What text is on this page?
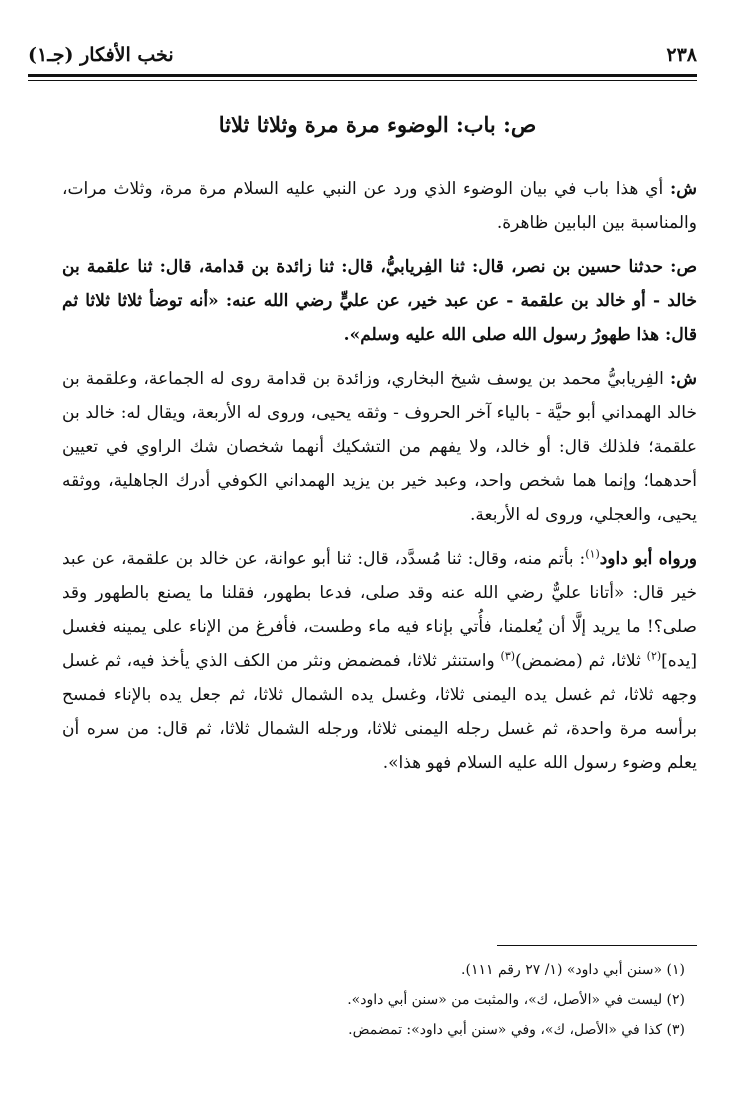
٢٣٨
نخب الأفكار (جـ١)
ص: باب: الوضوء مرة مرة وثلاثا ثلاثا

ش: أي هذا باب في بيان الوضوء الذي ورد عن النبي عليه السلام مرة مرة، وثلاث مرات، والمناسبة بين البابين ظاهرة.

ص: حدثنا حسين بن نصر، قال: ثنا الفِريابيُّ، قال: ثنا زائدة بن قدامة، قال: ثنا علقمة بن خالد - أو خالد بن علقمة - عن عبد خير، عن عليٍّ رضي الله عنه: «أنه توضأ ثلاثا ثلاثا ثم قال: هذا طهورُ رسول الله صلى الله عليه وسلم».

ش: الفِريابيُّ محمد بن يوسف شيخ البخاري، وزائدة بن قدامة روى له الجماعة، وعلقمة بن خالد الهمداني أبو حيَّة - بالياء آخر الحروف - وثقه يحيى، وروى له الأربعة، ويقال له: خالد بن علقمة؛ فلذلك قال: أو خالد، ولا يفهم من التشكيك أنهما شخصان شك الراوي في تعيين أحدهما؛ وإنما هما شخص واحد، وعبد خير بن يزيد الهمداني الكوفي أدرك الجاهلية، ووثقه يحيى، والعجلي، وروى له الأربعة.

ورواه أبو داود$^{(١)}$: بأتم منه، وقال: ثنا مُسدَّد، قال: ثنا أبو عوانة، عن خالد بن علقمة، عن عبد خير قال: «أتانا عليٌّ رضي الله عنه وقد صلى، فدعا بطهور، فقلنا ما يصنع بالطهور وقد صلى؟! ما يريد إلَّا أن يُعلمنا، فأُتي بإناء فيه ماء وطست، فأفرغ من الإناء على يمينه فغسل [يده]$^{(٢)}$ ثلاثا، ثم (مضمض)$^{(٣)}$ واستنثر ثلاثا، فمضمض ونثر من الكف الذي يأخذ فيه، ثم غسل وجهه ثلاثا، ثم غسل يده اليمنى ثلاثا، وغسل يده الشمال ثلاثا، ثم جعل يده بالإناء فمسح برأسه مرة واحدة، ثم غسل رجله اليمنى ثلاثا، ورجله الشمال ثلاثا، ثم قال: من سره أن يعلم وضوء رسول الله عليه السلام فهو هذا».

(١) «سنن أبي داود» (١/ ٢٧ رقم ١١١).
(٢) ليست في «الأصل، ك»، والمثبت من «سنن أبي داود».
(٣) كذا في «الأصل، ك»، وفي «سنن أبي داود»: تمضمض.
